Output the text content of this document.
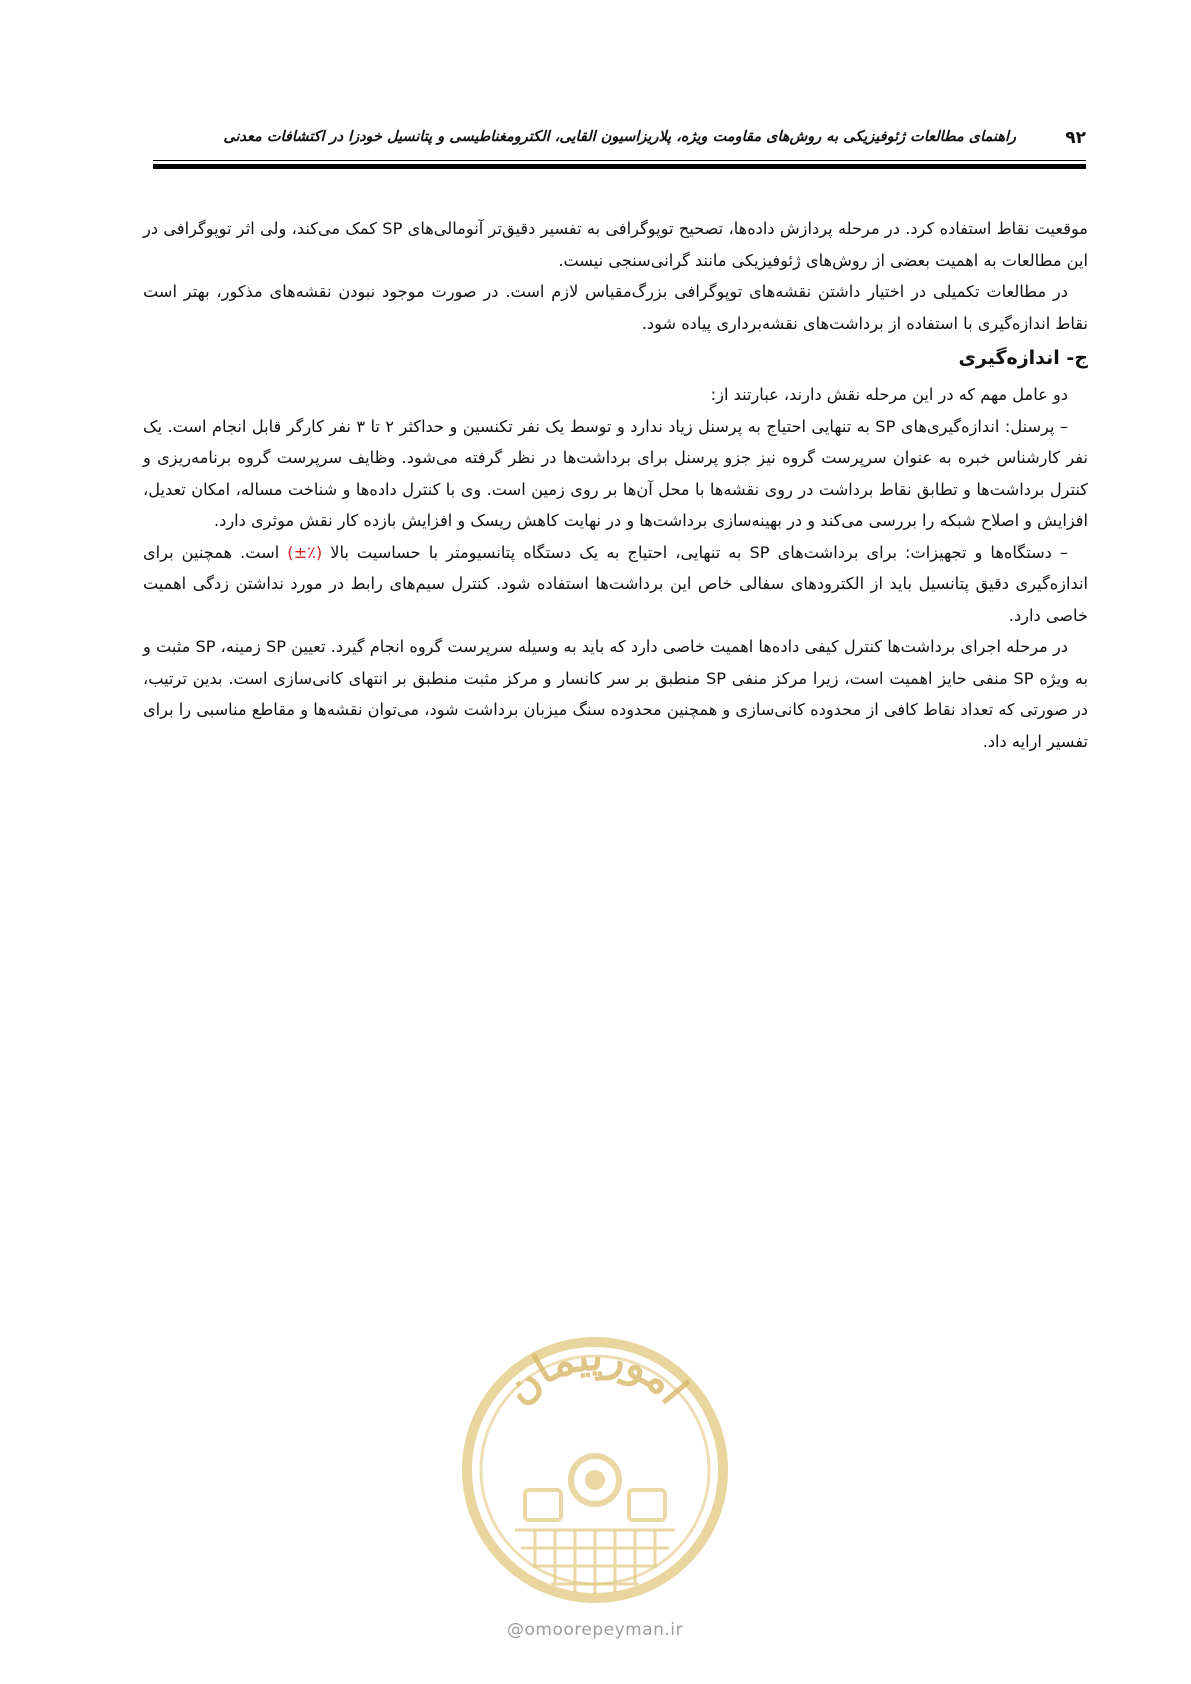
۹۲
راهنمای مطالعات ژئوفیزیکی به روش‌های مقاومت ویژه، پلاریزاسیون القایی، الکترومغناطیسی و پتانسیل خودزا در اکتشافات معدنی

موقعیت نقاط استفاده کرد. در مرحله پردازش داده‌ها، تصحیح توپوگرافی به تفسیر دقیق‌تر آنومالی‌های SP کمک می‌کند، ولی اثر توپوگرافی در این مطالعات به اهمیت بعضی از روش‌های ژئوفیزیکی مانند گرانی‌سنجی نیست.

در مطالعات تکمیلی در اختیار داشتن نقشه‌های توپوگرافی بزرگ‌مقیاس لازم است. در صورت موجود نبودن نقشه‌های مذکور، بهتر است نقاط اندازه‌گیری با استفاده از برداشت‌های نقشه‌برداری پیاده شود.

ج- اندازه‌گیری

دو عامل مهم که در این مرحله نقش دارند، عبارتند از:

– پرسنل: اندازه‌گیری‌های SP به تنهایی احتیاج به پرسنل زیاد ندارد و توسط یک نفر تکنسین و حداکثر ۲ تا ۳ نفر کارگر قابل انجام است. یک نفر کارشناس خبره به عنوان سرپرست گروه نیز جزو پرسنل برای برداشت‌ها در نظر گرفته می‌شود. وظایف سرپرست گروه برنامه‌ریزی و کنترل برداشت‌ها و تطابق نقاط برداشت در روی نقشه‌ها با محل آن‌ها بر روی زمین است. وی با کنترل داده‌ها و شناخت مساله، امکان تعدیل، افزایش و اصلاح شبکه را بررسی می‌کند و در بهینه‌سازی برداشت‌ها و در نهایت کاهش ریسک و افزایش بازده کار نقش موثری دارد.

– دستگاه‌ها و تجهیزات: برای برداشت‌های SP به تنهایی، احتیاج به یک دستگاه پتانسیومتر با حساسیت بالا (٪±) است. همچنین برای اندازه‌گیری دقیق پتانسیل باید از الکترودهای سفالی خاص این برداشت‌ها استفاده شود. کنترل سیم‌های رابط در مورد نداشتن زدگی اهمیت خاصی دارد.

در مرحله اجرای برداشت‌ها کنترل کیفی داده‌ها اهمیت خاصی دارد که باید به وسیله سرپرست گروه انجام گیرد. تعیین SP زمینه، SP مثبت و به ویژه SP منفی حایز اهمیت است، زیرا مرکز منفی SP منطبق بر سر کانسار و مرکز مثبت منطبق بر انتهای کانی‌سازی است. بدین ترتیب، در صورتی که تعداد نقاط کافی از محدوده کانی‌سازی و همچنین محدوده سنگ میزبان برداشت شود، می‌توان نقشه‌ها و مقاطع مناسبی را برای تفسیر ارایه داد.

امورپیمان
@omoorepeyman.ir
